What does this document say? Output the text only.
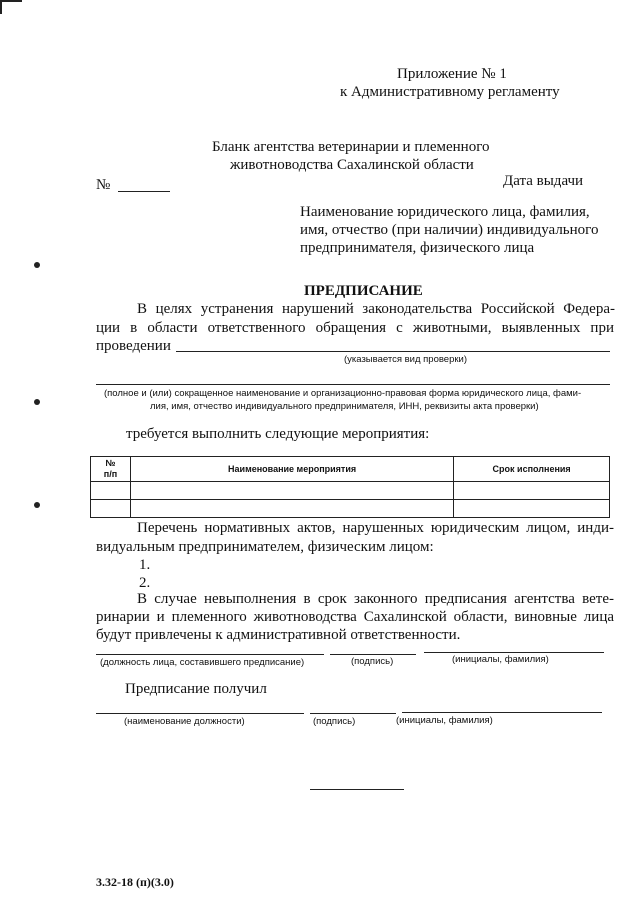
Приложение № 1
к Административному регламенту
Бланк агентства ветеринарии и племенного
животноводства Сахалинской области
№	Дата выдачи
Наименование юридического лица, фамилия,
имя, отчество (при наличии) индивидуального
предпринимателя, физического лица
ПРЕДПИСАНИЕ
В целях устранения нарушений законодательства Российской Федера-
ции в области ответственного обращения с животными, выявленных при
проведении
(указывается вид проверки)
(полное и (или) сокращенное наименование и организационно-правовая форма юридического лица, фами-
лия, имя, отчество индивидуального предпринимателя, ИНН, реквизиты акта проверки)
требуется выполнить следующие мероприятия:
№
п/п	Наименование мероприятия	Срок исполнения

Перечень нормативных актов, нарушенных юридическим лицом, инди-
видуальным предпринимателем, физическим лицом:
1.
2.
В случае невыполнения в срок законного предписания агентства вете-
ринарии и племенного животноводства Сахалинской области, виновные лица
будут привлечены к административной ответственности.
(должность лица, составившего предписание)	(подпись)	(инициалы, фамилия)
Предписание получил
(наименование должности)	(подпись)	(инициалы, фамилия)
3.32-18 (п)(3.0)
